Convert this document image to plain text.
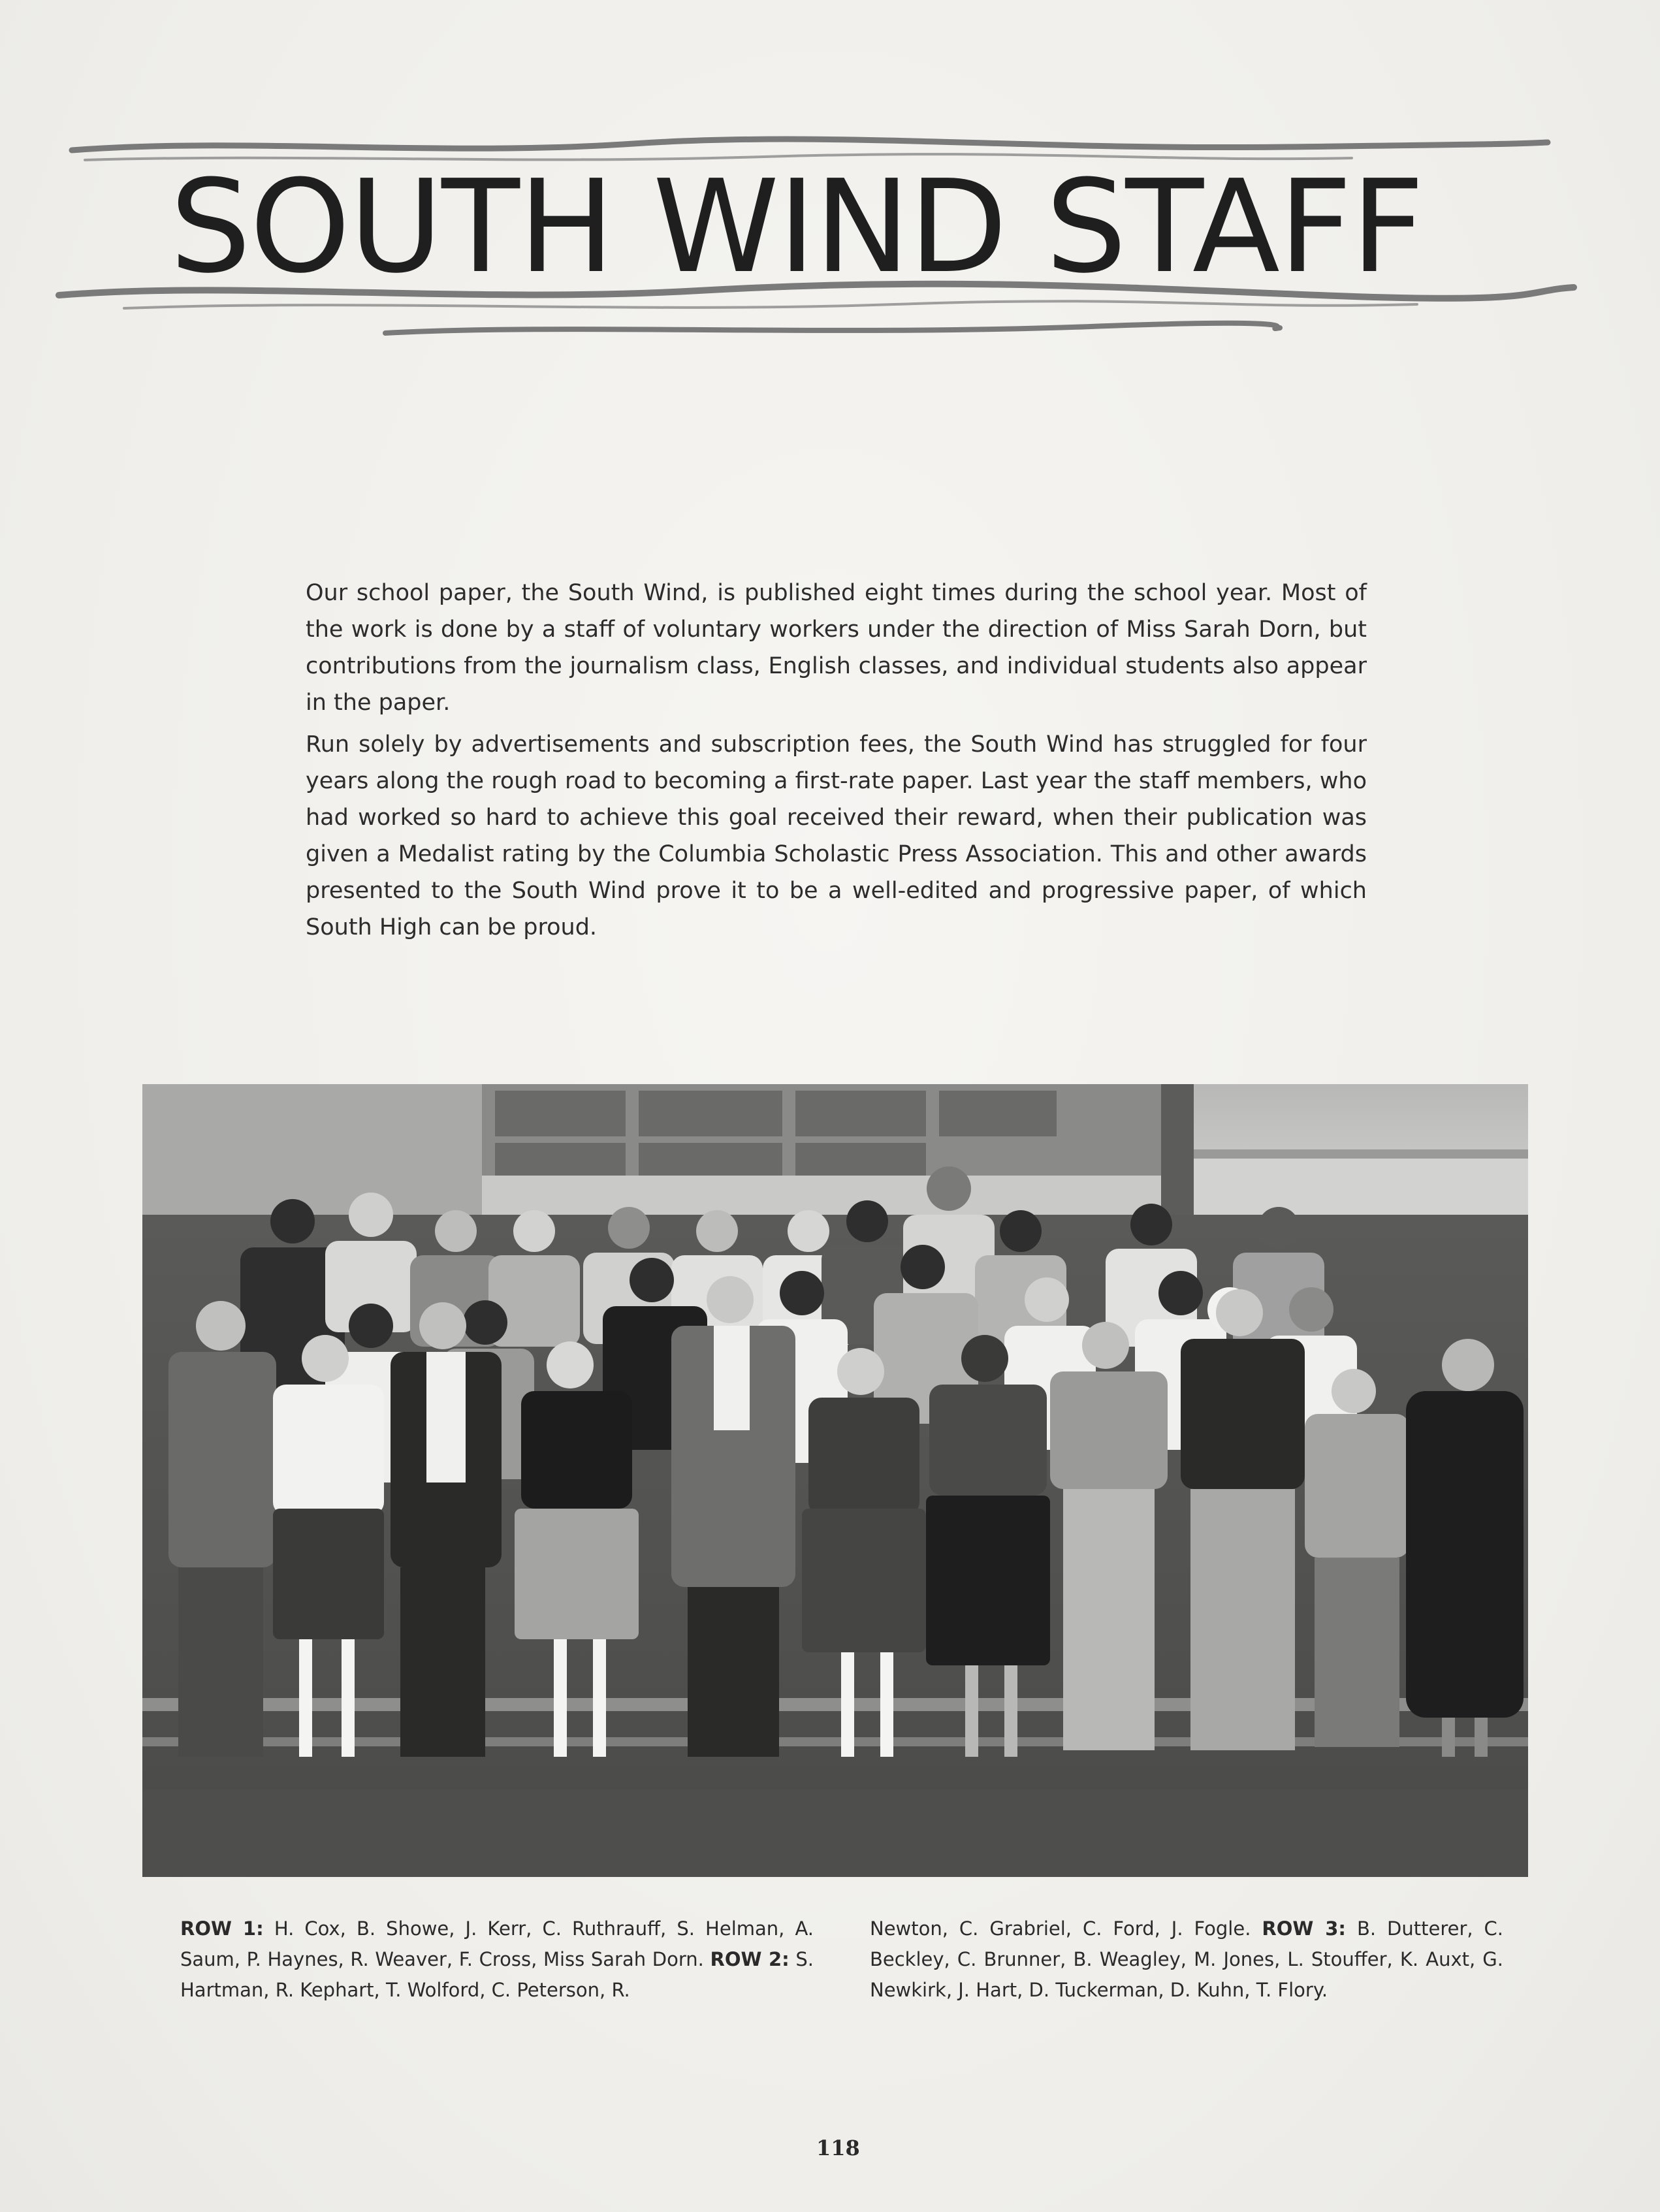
SOUTH WIND STAFF

Our school paper, the South Wind, is published eight times during the school year. Most of the work is done by a staff of voluntary workers under the direction of Miss Sarah Dorn, but contributions from the journalism class, English classes, and individual students also appear in the paper.

Run solely by advertisements and subscription fees, the South Wind has struggled for four years along the rough road to becoming a first-rate paper. Last year the staff members, who had worked so hard to achieve this goal received their reward, when their publication was given a Medalist rating by the Columbia Scholastic Press Association. This and other awards presented to the South Wind prove it to be a well-edited and progressive paper, of which South High can be proud.

ROW 1: H. Cox, B. Showe, J. Kerr, C. Ruthrauff, S. Helman, A. Saum, P. Haynes, R. Weaver, F. Cross, Miss Sarah Dorn. ROW 2: S. Hartman, R. Kephart, T. Wolford, C. Peterson, R.
Newton, C. Grabriel, C. Ford, J. Fogle. ROW 3: B. Dutterer, C. Beckley, C. Brunner, B. Weagley, M. Jones, L. Stouffer, K. Auxt, G. Newkirk, J. Hart, D. Tuckerman, D. Kuhn, T. Flory.
118
